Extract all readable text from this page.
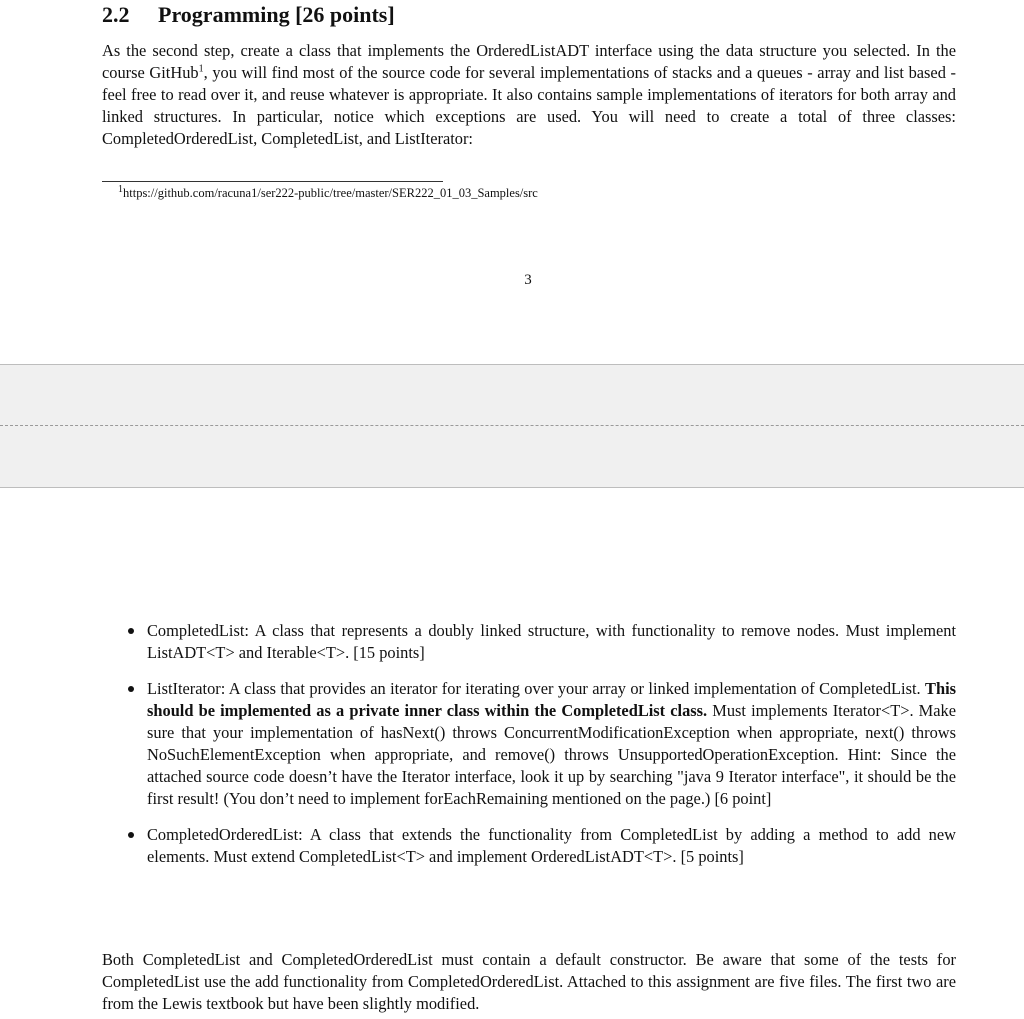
2.2 Programming [26 points]
As the second step, create a class that implements the OrderedListADT interface using the data structure you selected. In the course GitHub$^1$, you will find most of the source code for several implementations of stacks and a queues - array and list based - feel free to read over it, and reuse whatever is appropriate. It also contains sample implementations of iterators for both array and linked structures. In particular, notice which exceptions are used. You will need to create a total of three classes: CompletedOrderedList, CompletedList, and ListIterator:
$^1$https://github.com/racuna1/ser222-public/tree/master/SER222_01_03_Samples/src
3
CompletedList: A class that represents a doubly linked structure, with functionality to remove nodes. Must implement ListADT<T> and Iterable<T>. [15 points]
ListIterator: A class that provides an iterator for iterating over your array or linked implementation of CompletedList. This should be implemented as a private inner class within the CompletedList class. Must implements Iterator<T>. Make sure that your implementation of hasNext() throws ConcurrentModificationException when appropriate, next() throws NoSuchElementException when appropriate, and remove() throws UnsupportedOperationException. Hint: Since the attached source code doesn’t have the Iterator interface, look it up by searching "java 9 Iterator interface", it should be the first result! (You don’t need to implement forEachRemaining mentioned on the page.) [6 point]
CompletedOrderedList: A class that extends the functionality from CompletedList by adding a method to add new elements. Must extend CompletedList<T> and implement OrderedListADT<T>. [5 points]
Both CompletedList and CompletedOrderedList must contain a default constructor. Be aware that some of the tests for CompletedList use the add functionality from CompletedOrderedList. Attached to this assignment are five files. The first two are from the Lewis textbook but have been slightly modified.
